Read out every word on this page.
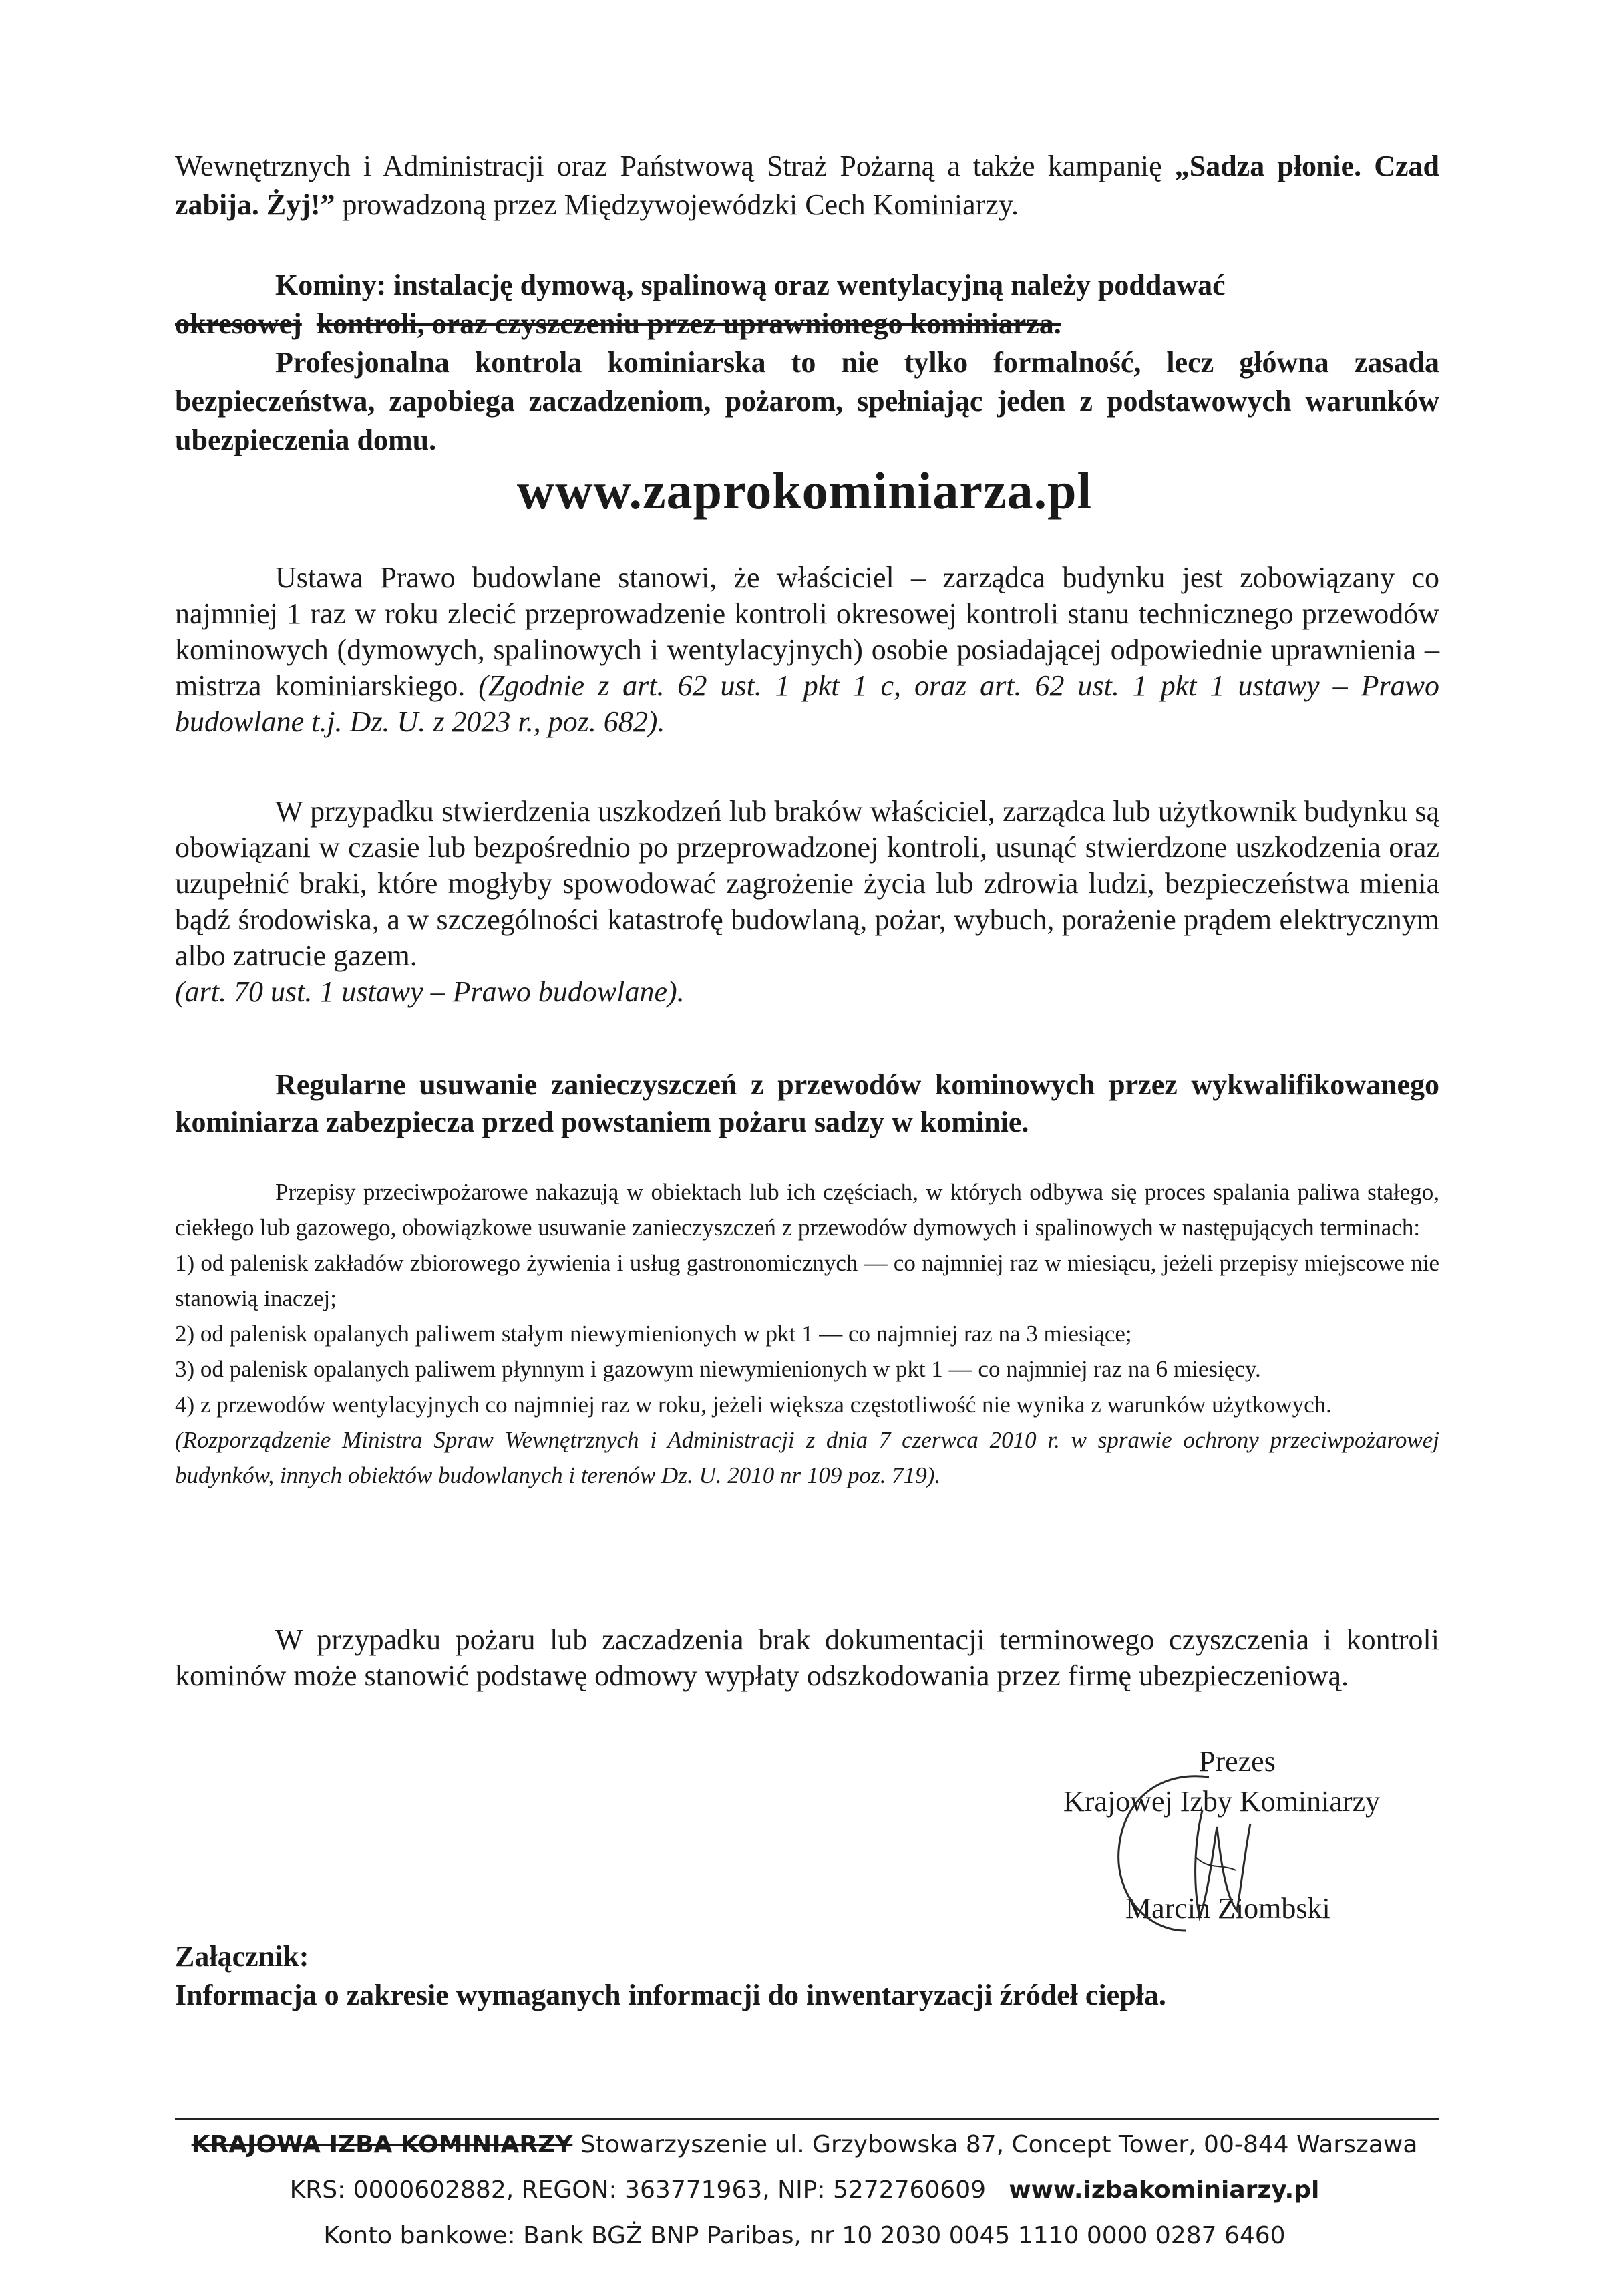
Wewnętrznych i Administracji oraz Państwową Straż Pożarną a także kampanię „Sadza płonie. Czad zabija. Żyj!” prowadzoną przez Międzywojewódzki Cech Kominiarzy.

Kominy: instalację dymową, spalinową oraz wentylacyjną należy poddawać

okresowej kontroli, oraz czyszczeniu przez uprawnionego kominiarza.

Profesjonalna kontrola kominiarska to nie tylko formalność, lecz główna zasada bezpieczeństwa, zapobiega zaczadzeniom, pożarom, spełniając jeden z podstawowych warunków ubezpieczenia domu.

www.zaprokominiarza.pl

Ustawa Prawo budowlane stanowi, że właściciel – zarządca budynku jest zobowiązany co najmniej 1 raz w roku zlecić przeprowadzenie kontroli okresowej kontroli stanu technicznego przewodów kominowych (dymowych, spalinowych i wentylacyjnych) osobie posiadającej odpowiednie uprawnienia – mistrza kominiarskiego. (Zgodnie z art. 62 ust. 1 pkt 1 c, oraz art. 62 ust. 1 pkt 1 ustawy – Prawo budowlane t.j. Dz. U. z 2023 r., poz. 682).

W przypadku stwierdzenia uszkodzeń lub braków właściciel, zarządca lub użytkownik budynku są obowiązani w czasie lub bezpośrednio po przeprowadzonej kontroli, usunąć stwierdzone uszkodzenia oraz uzupełnić braki, które mogłyby spowodować zagrożenie życia lub zdrowia ludzi, bezpieczeństwa mienia bądź środowiska, a w szczególności katastrofę budowlaną, pożar, wybuch, porażenie prądem elektrycznym albo zatrucie gazem.

(art. 70 ust. 1 ustawy – Prawo budowlane).

Regularne usuwanie zanieczyszczeń z przewodów kominowych przez wykwalifikowanego kominiarza zabezpiecza przed powstaniem pożaru sadzy w kominie.

Przepisy przeciwpożarowe nakazują w obiektach lub ich częściach, w których odbywa się proces spalania paliwa stałego, ciekłego lub gazowego, obowiązkowe usuwanie zanieczyszczeń z przewodów dymowych i spalinowych w następujących terminach:

1) od palenisk zakładów zbiorowego żywienia i usług gastronomicznych — co najmniej raz w miesiącu, jeżeli przepisy miejscowe nie stanowią inaczej;

2) od palenisk opalanych paliwem stałym niewymienionych w pkt 1 — co najmniej raz na 3 miesiące;

3) od palenisk opalanych paliwem płynnym i gazowym niewymienionych w pkt 1 — co najmniej raz na 6 miesięcy.

4) z przewodów wentylacyjnych co najmniej raz w roku, jeżeli większa częstotliwość nie wynika z warunków użytkowych.

(Rozporządzenie Ministra Spraw Wewnętrznych i Administracji z dnia 7 czerwca 2010 r. w sprawie ochrony przeciwpożarowej budynków, innych obiektów budowlanych i terenów Dz. U. 2010 nr 109 poz. 719).

W przypadku pożaru lub zaczadzenia brak dokumentacji terminowego czyszczenia i kontroli kominów może stanowić podstawę odmowy wypłaty odszkodowania przez firmę ubezpieczeniową.

Prezes
Krajowej Izby Kominiarzy
Marcin Ziombski

Załącznik:

Informacja o zakresie wymaganych informacji do inwentaryzacji źródeł ciepła.

KRAJOWA IZBA KOMINIARZY Stowarzyszenie ul. Grzybowska 87, Concept Tower, 00-844 Warszawa
KRS: 0000602882, REGON: 363771963, NIP: 5272760609 www.izbakominiarzy.pl
Konto bankowe: Bank BGŻ BNP Paribas, nr 10 2030 0045 1110 0000 0287 6460
